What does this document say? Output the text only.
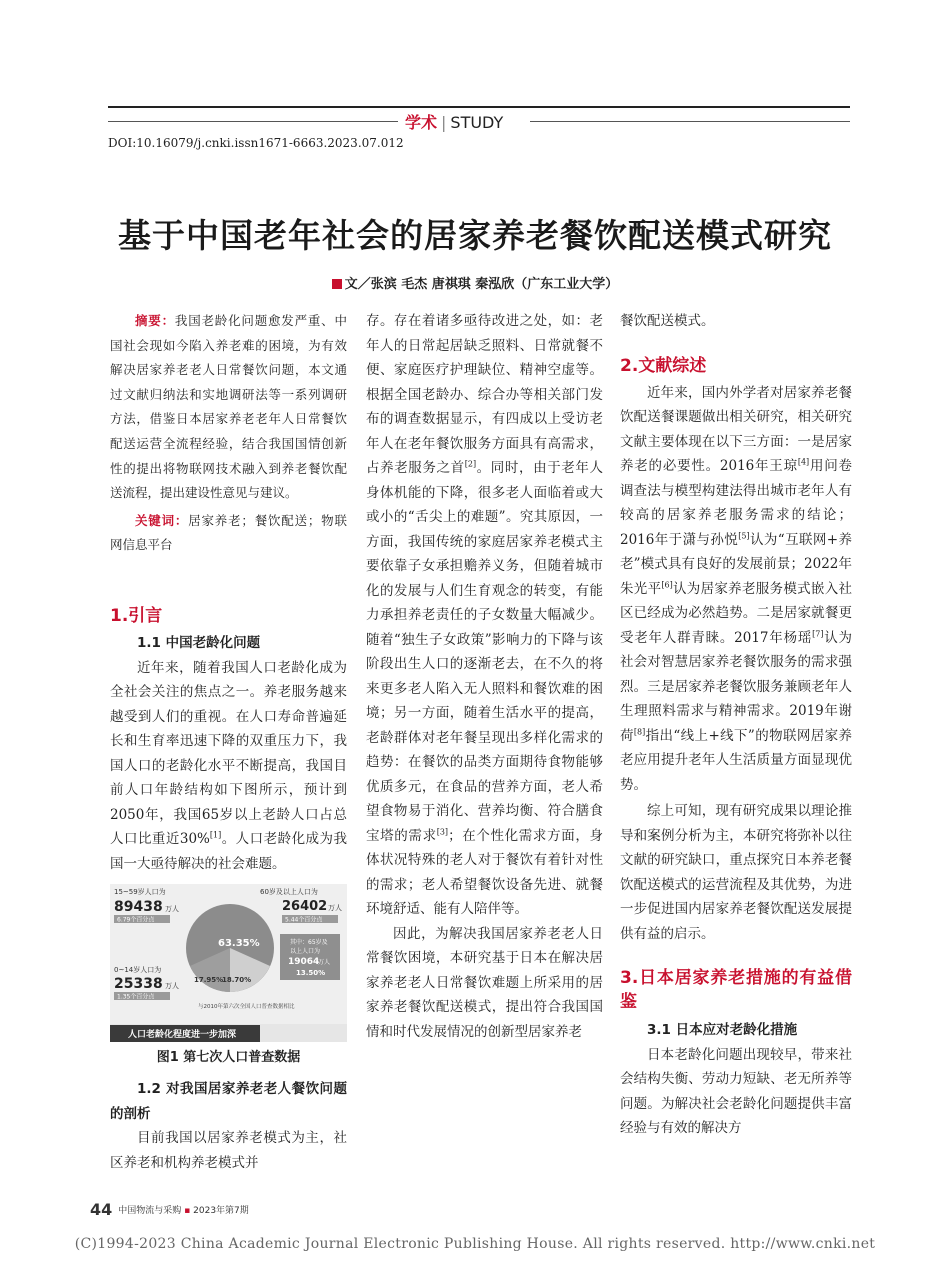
学术 | STUDY
DOI:10.16079/j.cnki.issn1671-6663.2023.07.012
基于中国老年社会的居家养老餐饮配送模式研究
文／张滨 毛杰 唐祺琪 秦泓欣（广东工业大学）

摘要：我国老龄化问题愈发严重、中国社会现如今陷入养老难的困境，为有效解决居家养老老人日常餐饮问题，本文通过文献归纳法和实地调研法等一系列调研方法，借鉴日本居家养老老年人日常餐饮配送运营全流程经验，结合我国国情创新性的提出将物联网技术融入到养老餐饮配送流程，提出建设性意见与建议。

关键词：居家养老；餐饮配送；物联网信息平台

1.引言
1.1 中国老龄化问题

近年来，随着我国人口老龄化成为全社会关注的焦点之一。养老服务越来越受到人们的重视。在人口寿命普遍延长和生育率迅速下降的双重压力下，我国人口的老龄化水平不断提高，我国目前人口年龄结构如下图所示，预计到2050年，我国65岁以上老龄人口占总人口比重近30%[1]。人口老龄化成为我国一大亟待解决的社会难题。

63.35%
17.95%
18.70%
15~59岁人口为
89438 万人
6.79个百分点
60岁及以上人口为
26402 万人
5.44个百分点
其中：65岁及
以上人口为
19064
万人
13.50%
0~14岁人口为
25338 万人
1.35个百分点
与2010年第六次全国人口普查数据相比
人口老龄化程度进一步加深
图1 第七次人口普查数据
1.2 对我国居家养老老人餐饮问题的剖析

目前我国以居家养老模式为主，社区养老和机构养老模式并

存。存在着诸多亟待改进之处，如：老年人的日常起居缺乏照料、日常就餐不便、家庭医疗护理缺位、精神空虚等。根据全国老龄办、综合办等相关部门发布的调查数据显示，有四成以上受访老年人在老年餐饮服务方面具有高需求，占养老服务之首[2]。同时，由于老年人身体机能的下降，很多老人面临着或大或小的“舌尖上的难题”。究其原因，一方面，我国传统的家庭居家养老模式主要依靠子女承担赡养义务，但随着城市化的发展与人们生育观念的转变，有能力承担养老责任的子女数量大幅减少。随着“独生子女政策”影响力的下降与该阶段出生人口的逐渐老去，在不久的将来更多老人陷入无人照料和餐饮难的困境；另一方面，随着生活水平的提高，老龄群体对老年餐呈现出多样化需求的趋势：在餐饮的品类方面期待食物能够优质多元，在食品的营养方面，老人希望食物易于消化、营养均衡、符合膳食宝塔的需求[3]；在个性化需求方面，身体状况特殊的老人对于餐饮有着针对性的需求；老人希望餐饮设备先进、就餐环境舒适、能有人陪伴等。

因此，为解决我国居家养老老人日常餐饮困境，本研究基于日本在解决居家养老老人日常餐饮难题上所采用的居家养老餐饮配送模式，提出符合我国国情和时代发展情况的创新型居家养老

餐饮配送模式。

2.文献综述

近年来，国内外学者对居家养老餐饮配送餐课题做出相关研究，相关研究文献主要体现在以下三方面：一是居家养老的必要性。2016年王琼[4]用问卷调查法与模型构建法得出城市老年人有较高的居家养老服务需求的结论；2016年于潇与孙悦[5]认为“互联网+养老”模式具有良好的发展前景；2022年朱光平[6]认为居家养老服务模式嵌入社区已经成为必然趋势。二是居家就餐更受老年人群青睐。2017年杨瑶[7]认为社会对智慧居家养老餐饮服务的需求强烈。三是居家养老餐饮服务兼顾老年人生理照料需求与精神需求。2019年谢荷[8]指出“线上+线下”的物联网居家养老应用提升老年人生活质量方面显现优势。

综上可知，现有研究成果以理论推导和案例分析为主，本研究将弥补以往文献的研究缺口，重点探究日本养老餐饮配送模式的运营流程及其优势，为进一步促进国内居家养老餐饮配送发展提供有益的启示。

3.日本居家养老措施的有益借鉴
3.1 日本应对老龄化措施

日本老龄化问题出现较早，带来社会结构失衡、劳动力短缺、老无所养等问题。为解决社会老龄化问题提供丰富经验与有效的解决方

44 中国物流与采购 ▪ 2023年第7期
(C)1994-2023 China Academic Journal Electronic Publishing House. All rights reserved. http://www.cnki.net
